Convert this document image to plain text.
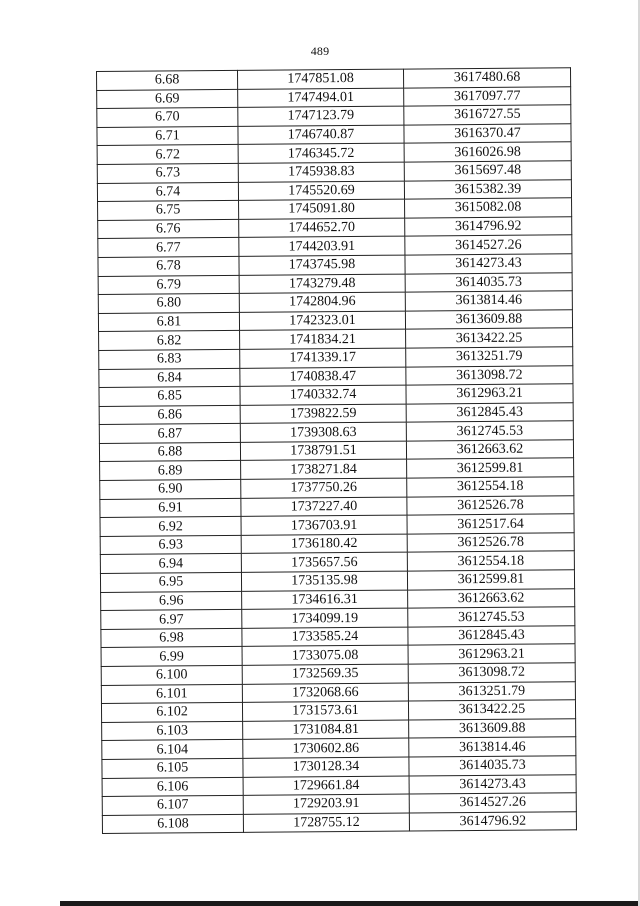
489
6.68	1747851.08	3617480.68
6.69	1747494.01	3617097.77
6.70	1747123.79	3616727.55
6.71	1746740.87	3616370.47
6.72	1746345.72	3616026.98
6.73	1745938.83	3615697.48
6.74	1745520.69	3615382.39
6.75	1745091.80	3615082.08
6.76	1744652.70	3614796.92
6.77	1744203.91	3614527.26
6.78	1743745.98	3614273.43
6.79	1743279.48	3614035.73
6.80	1742804.96	3613814.46
6.81	1742323.01	3613609.88
6.82	1741834.21	3613422.25
6.83	1741339.17	3613251.79
6.84	1740838.47	3613098.72
6.85	1740332.74	3612963.21
6.86	1739822.59	3612845.43
6.87	1739308.63	3612745.53
6.88	1738791.51	3612663.62
6.89	1738271.84	3612599.81
6.90	1737750.26	3612554.18
6.91	1737227.40	3612526.78
6.92	1736703.91	3612517.64
6.93	1736180.42	3612526.78
6.94	1735657.56	3612554.18
6.95	1735135.98	3612599.81
6.96	1734616.31	3612663.62
6.97	1734099.19	3612745.53
6.98	1733585.24	3612845.43
6.99	1733075.08	3612963.21
6.100	1732569.35	3613098.72
6.101	1732068.66	3613251.79
6.102	1731573.61	3613422.25
6.103	1731084.81	3613609.88
6.104	1730602.86	3613814.46
6.105	1730128.34	3614035.73
6.106	1729661.84	3614273.43
6.107	1729203.91	3614527.26
6.108	1728755.12	3614796.92
